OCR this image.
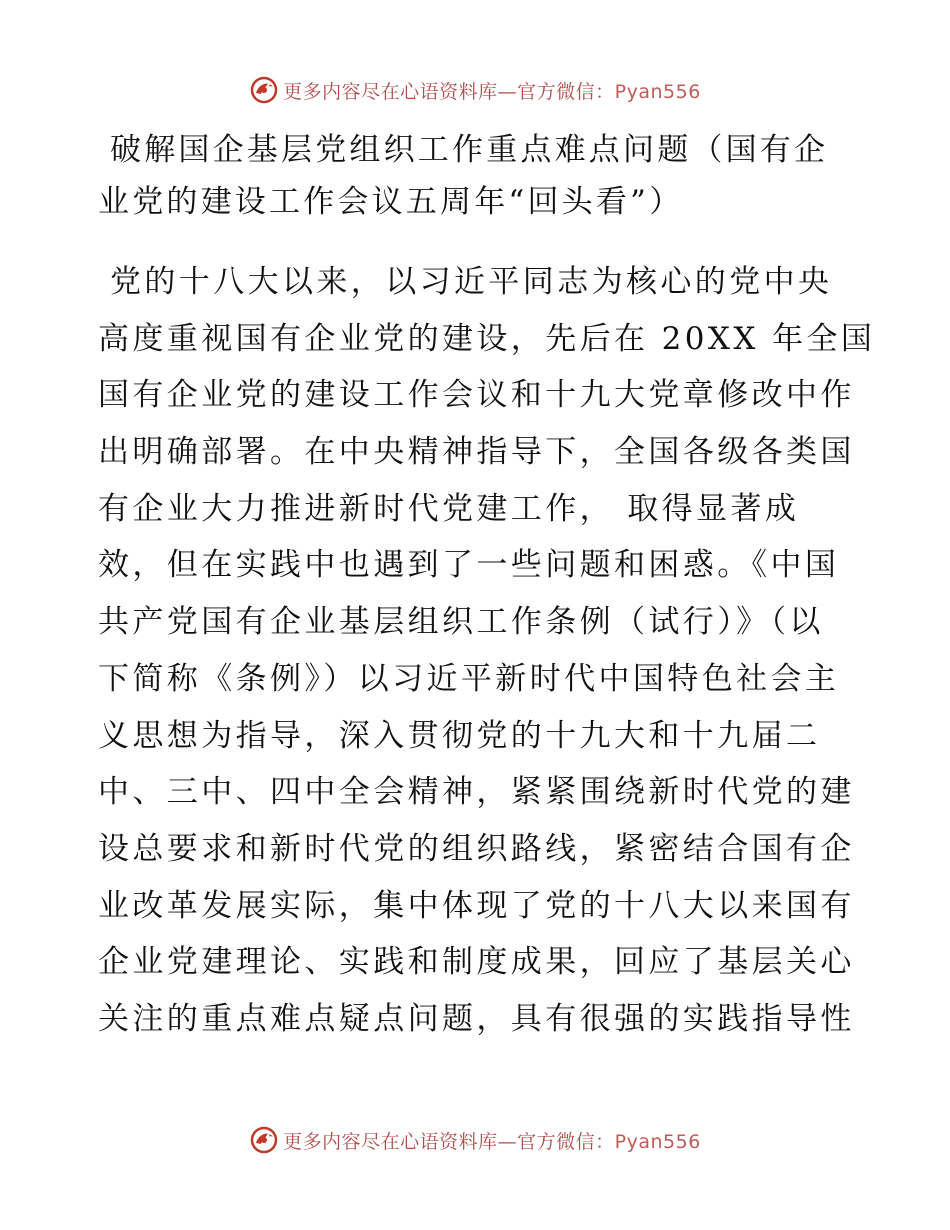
更多内容尽在心语资料库—官方微信：Pyan556
破解国企基层党组织工作重点难点问题（国有企
业党的建设工作会议五周年“回头看”）
党的十八大以来，以习近平同志为核心的党中央
高度重视国有企业党的建设，先后在 20XX 年全国
国有企业党的建设工作会议和十九大党章修改中作
出明确部署。在中央精神指导下，全国各级各类国
有企业大力推进新时代党建工作， 取得显著成
效，但在实践中也遇到了一些问题和困惑。《中国
共产党国有企业基层组织工作条例（试行）》（以
下简称《条例》）以习近平新时代中国特色社会主
义思想为指导，深入贯彻党的十九大和十九届二
中、三中、四中全会精神，紧紧围绕新时代党的建
设总要求和新时代党的组织路线，紧密结合国有企
业改革发展实际，集中体现了党的十八大以来国有
企业党建理论、实践和制度成果，回应了基层关心
关注的重点难点疑点问题，具有很强的实践指导性
更多内容尽在心语资料库—官方微信：Pyan556
